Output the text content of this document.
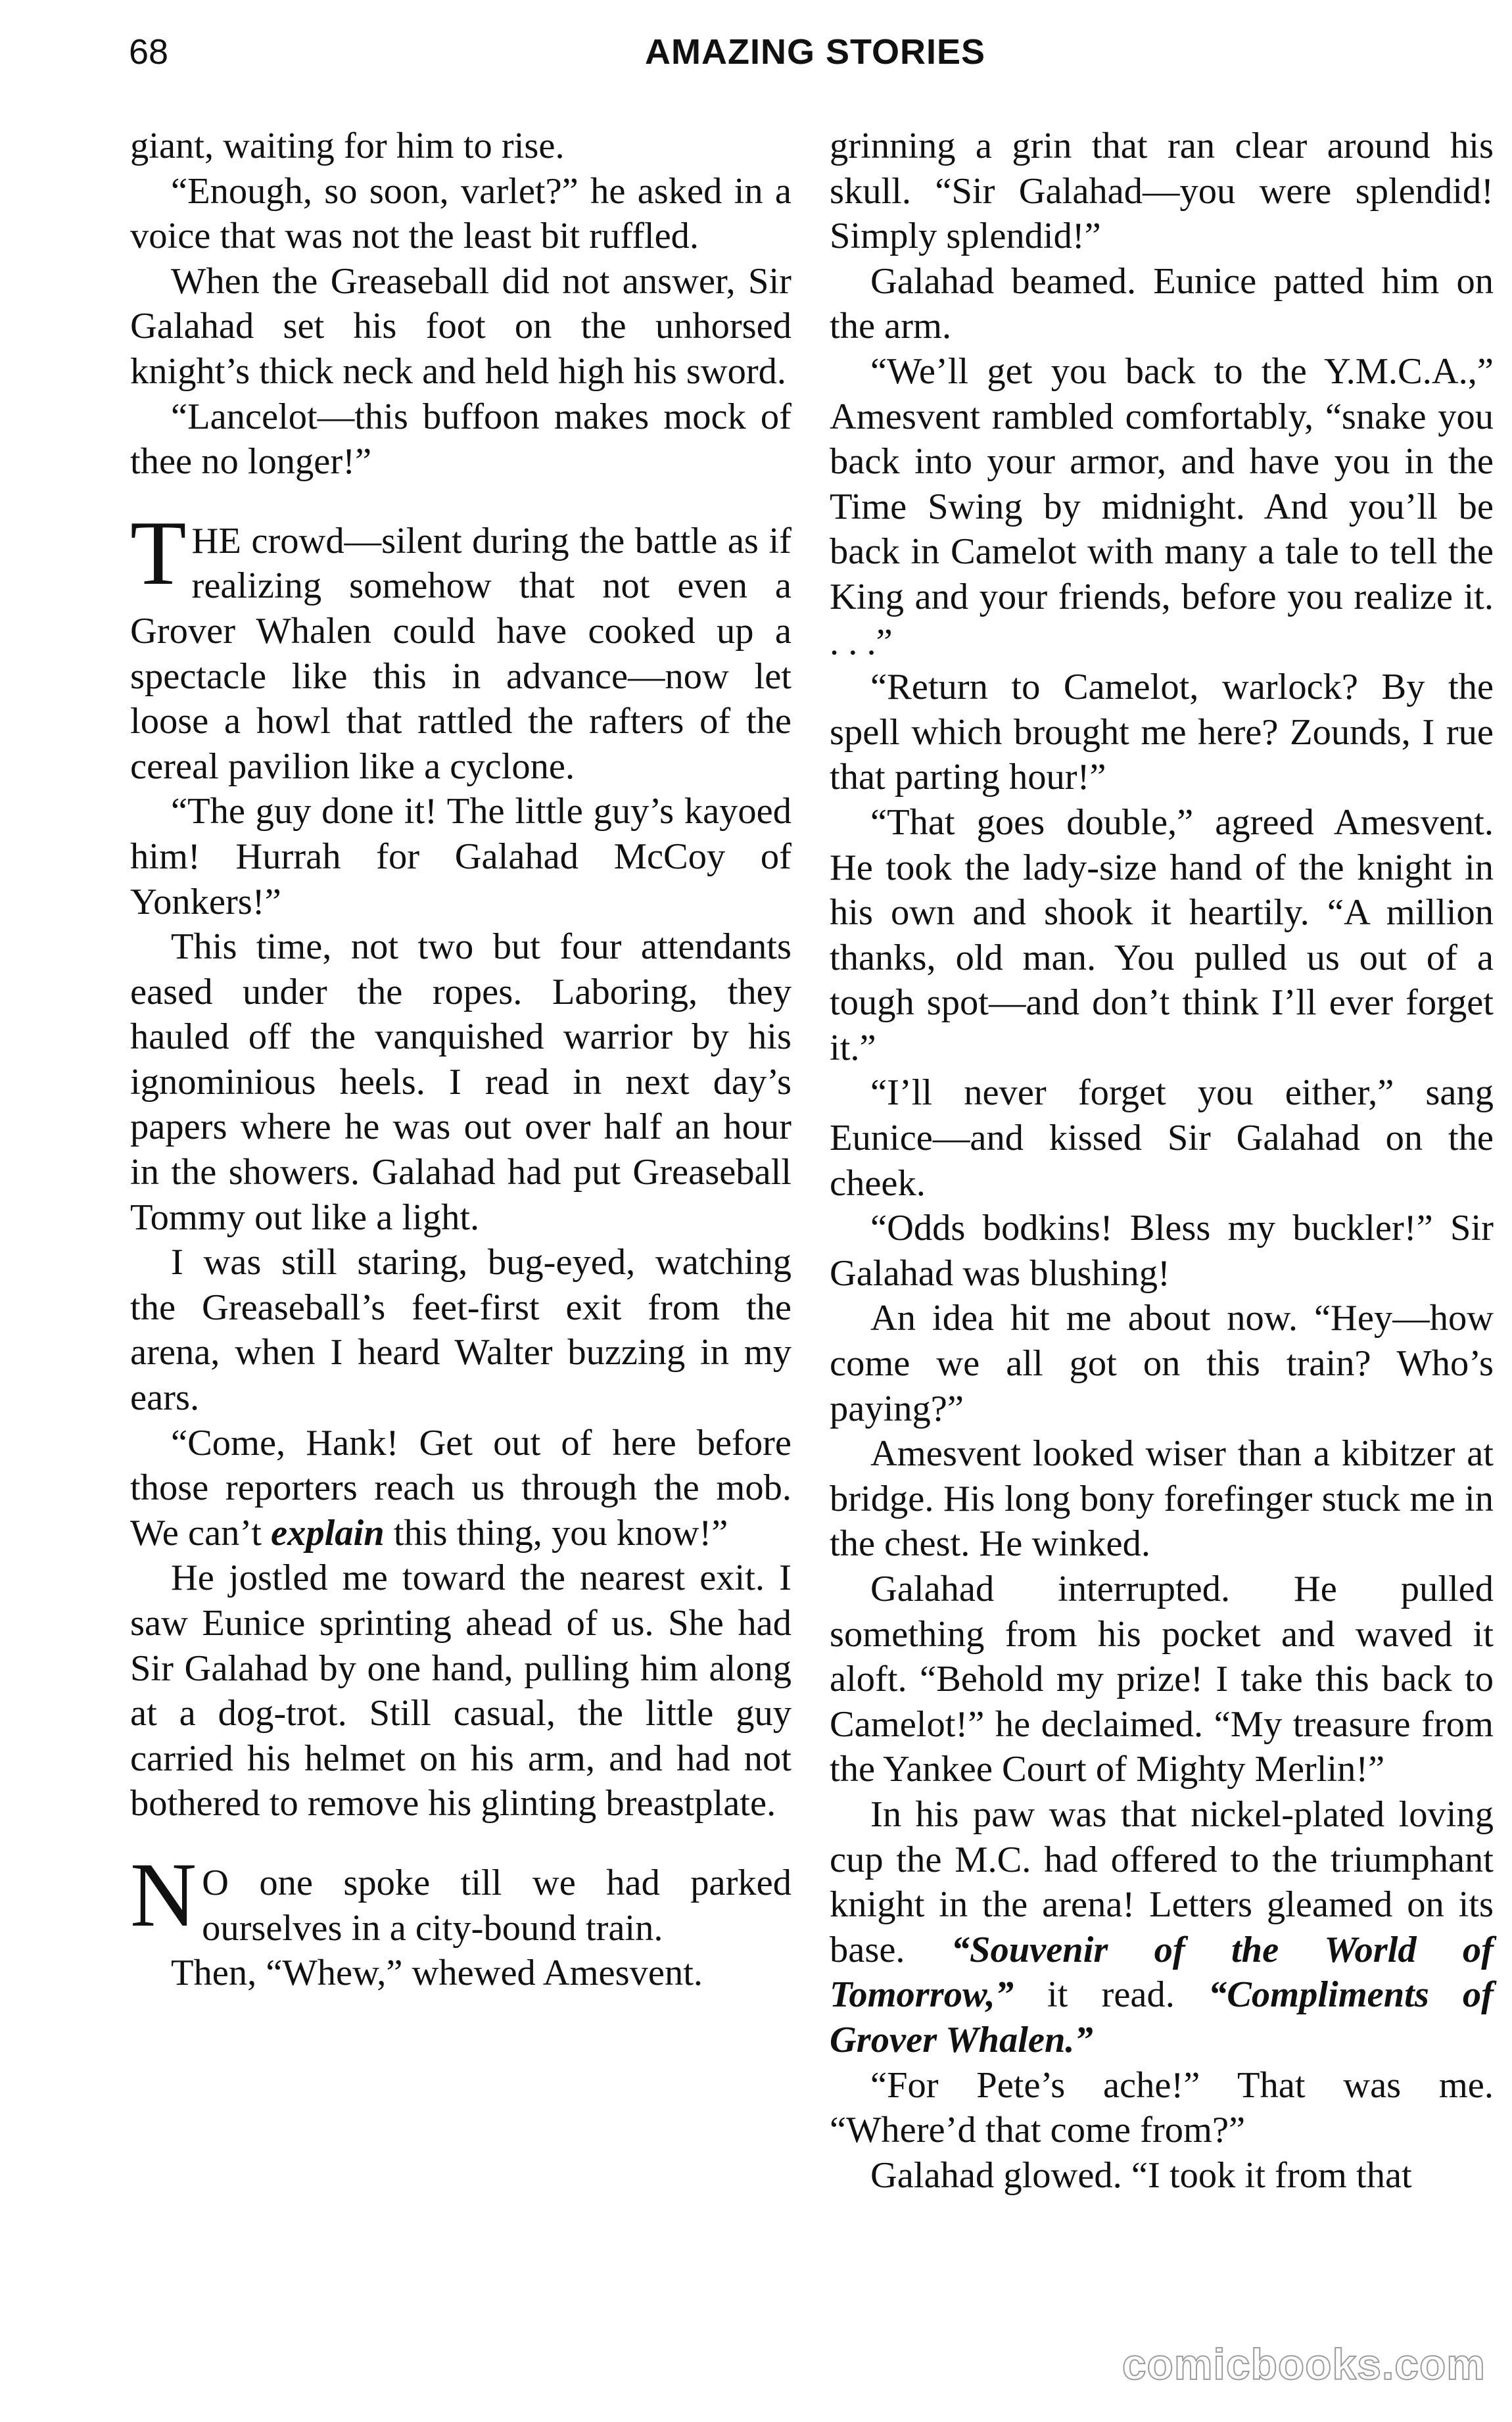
68	AMAZING STORIES

giant, waiting for him to rise.

“Enough, so soon, varlet?” he asked in a voice that was not the least bit ruffled.

When the Greaseball did not answer, Sir Galahad set his foot on the unhorsed knight’s thick neck and held high his sword.

“Lancelot—this buffoon makes mock of thee no longer!”

THE crowd—silent during the battle as if realizing somehow that not even a Grover Whalen could have cooked up a spectacle like this in advance—now let loose a howl that rattled the rafters of the cereal pavilion like a cyclone.

“The guy done it! The little guy’s kayoed him! Hurrah for Galahad McCoy of Yonkers!”

This time, not two but four attendants eased under the ropes. Laboring, they hauled off the vanquished warrior by his ignominious heels. I read in next day’s papers where he was out over half an hour in the showers. Galahad had put Greaseball Tommy out like a light.

I was still staring, bug-eyed, watching the Greaseball’s feet-first exit from the arena, when I heard Walter buzzing in my ears.

“Come, Hank! Get out of here before those reporters reach us through the mob. We can’t explain this thing, you know!”

He jostled me toward the nearest exit. I saw Eunice sprinting ahead of us. She had Sir Galahad by one hand, pulling him along at a dog-trot. Still casual, the little guy carried his helmet on his arm, and had not bothered to remove his glinting breastplate.

N O one spoke till we had parked ourselves in a city-bound train.

Then, “Whew,” whewed Amesvent.

grinning a grin that ran clear around his skull. “Sir Galahad—you were splendid! Simply splendid!”

Galahad beamed. Eunice patted him on the arm.

“We’ll get you back to the Y.M.C.A.,” Amesvent rambled comfortably, “snake you back into your armor, and have you in the Time Swing by midnight. And you’ll be back in Camelot with many a tale to tell the King and your friends, before you realize it. . . .”

“Return to Camelot, warlock? By the spell which brought me here? Zounds, I rue that parting hour!”

“That goes double,” agreed Amesvent. He took the lady-size hand of the knight in his own and shook it heartily. “A million thanks, old man. You pulled us out of a tough spot—and don’t think I’ll ever forget it.”

“I’ll never forget you either,” sang Eunice—and kissed Sir Galahad on the cheek.

“Odds bodkins! Bless my buckler!” Sir Galahad was blushing!

An idea hit me about now. “Hey—how come we all got on this train? Who’s paying?”

Amesvent looked wiser than a kibitzer at bridge. His long bony forefinger stuck me in the chest. He winked.

Galahad interrupted. He pulled something from his pocket and waved it aloft. “Behold my prize! I take this back to Camelot!” he declaimed. “My treasure from the Yankee Court of Mighty Merlin!”

In his paw was that nickel-plated loving cup the M.C. had offered to the triumphant knight in the arena! Letters gleamed on its base. “Souvenir of the World of Tomorrow,” it read. “Compliments of Grover Whalen.”

“For Pete’s ache!” That was me. “Where’d that come from?”

Galahad glowed. “I took it from that

comicbooks.com
